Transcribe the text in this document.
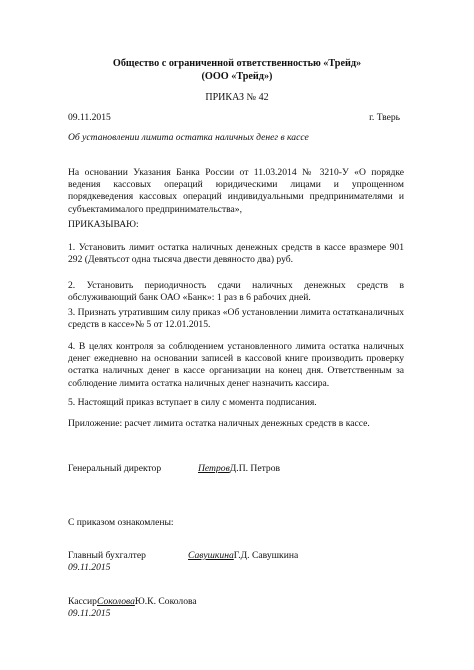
Общество с ограниченной ответственностью «Трейд»
(ООО «Трейд»)
ПРИКАЗ № 42
09.11.2015	г. Тверь
Об установлении лимита остатка наличных денег в кассе
На основании Указания Банка России от 11.03.2014 № 3210-У «О порядке ведения кассовых операций юридическими лицами и упрощенном порядкеведения кассовых операций индивидуальными предпринимателями и субъектамималого предпринимательства»,
ПРИКАЗЫВАЮ:
1. Установить лимит остатка наличных денежных средств в кассе вразмере 901 292 (Девятьсот одна тысяча двести девяносто два) руб.
2. Установить периодичность сдачи наличных денежных средств в обслуживающий банк ОАО «Банк»: 1 раз в 6 рабочих дней.
3. Признать утратившим силу приказ «Об установлении лимита остатканаличных средств в кассе»№ 5 от 12.01.2015.
4. В целях контроля за соблюдением установленного лимита остатка наличных денег ежедневно на основании записей в кассовой книге производить проверку остатка наличных денег в кассе организации на конец дня. Ответственным за соблюдение лимита остатка наличных денег назначить кассира.
5. Настоящий приказ вступает в силу с момента подписания.
Приложение: расчет лимита остатка наличных денежных средств в кассе.
Генеральный директор	ПетровД.П. Петров
С приказом ознакомлены:
Главный бухгалтер	СавушкинаГ.Д. Савушкина
09.11.2015
КассирСоколоваЮ.К. Соколова
09.11.2015
